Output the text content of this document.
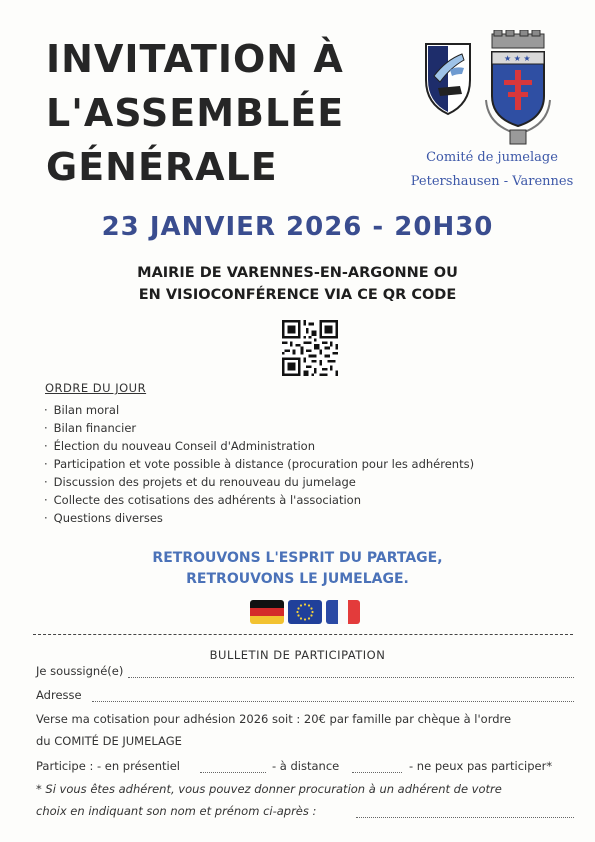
INVITATION À
L'ASSEMBLÉE
GÉNÉRALE
★ ★ ★
Comité de jumelage
Petershausen - Varennes
23 JANVIER 2026 - 20H30
MAIRIE DE VARENNES-EN-ARGONNE OU
EN VISIOCONFÉRENCE VIA CE QR CODE
ORDRE DU JOUR
· Bilan moral
· Bilan financier
· Élection du nouveau Conseil d'Administration
· Participation et vote possible à distance (procuration pour les adhérents)
· Discussion des projets et du renouveau du jumelage
· Collecte des cotisations des adhérents à l'association
· Questions diverses
RETROUVONS L'ESPRIT DU PARTAGE,
RETROUVONS LE JUMELAGE.
BULLETIN DE PARTICIPATION
Je soussigné(e)
Adresse
Verse ma cotisation pour adhésion 2026 soit : 20€ par famille par chèque à l'ordre
du COMITÉ DE JUMELAGE
Participe : - en présentiel	- à distance	- ne peux pas participer*
* Si vous êtes adhérent, vous pouvez donner procuration à un adhérent de votre
choix en indiquant son nom et prénom ci-après :
